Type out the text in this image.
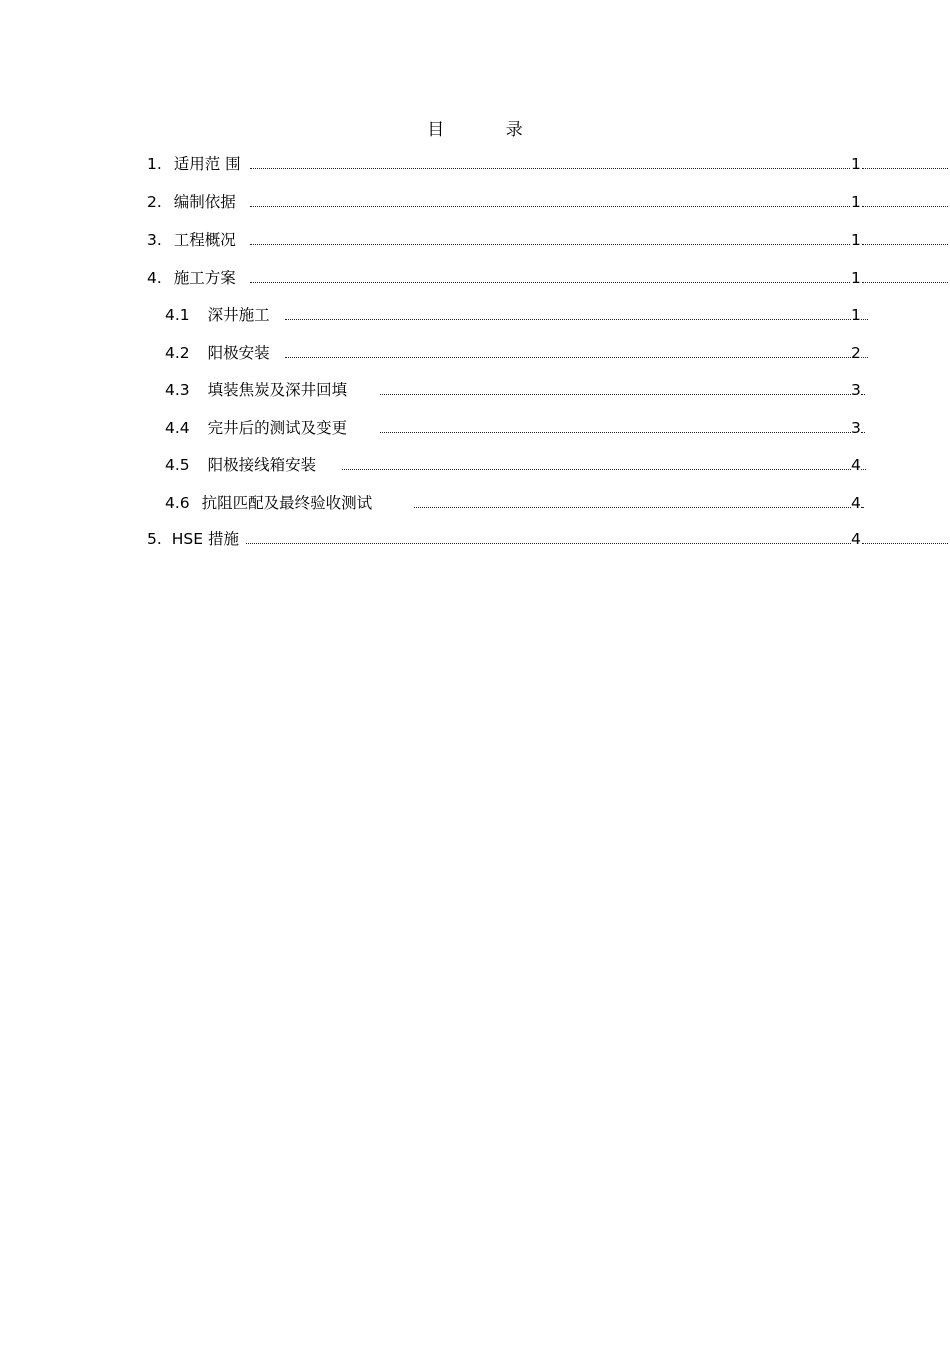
目 录
1. 适用范 围	1
2. 编制依据	1
3. 工程概况	1
4. 施工方案	1
4.1 深井施工	1
4.2 阳极安装	2
4.3 填装焦炭及深井回填	3
4.4 完井后的测试及变更	3
4.5 阳极接线箱安装	4
4.6 抗阻匹配及最终验收测试	4
5. HSE 措施	4
